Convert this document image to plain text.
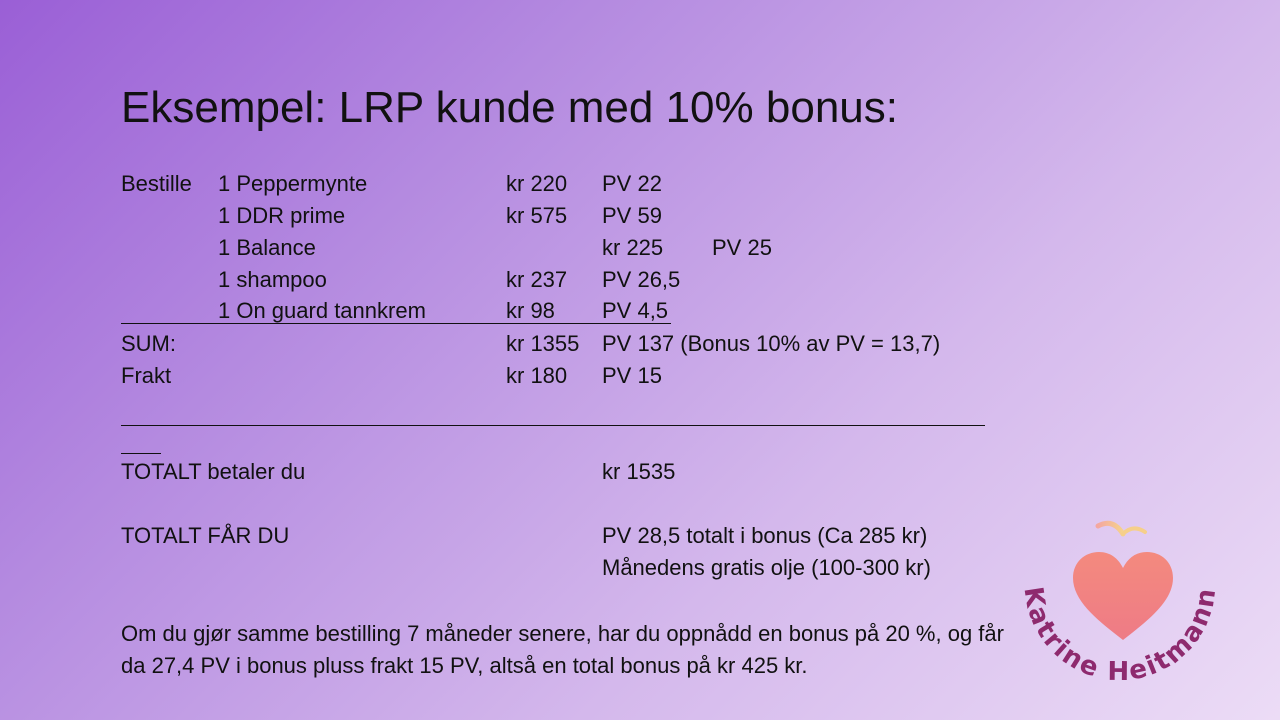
Eksempel: LRP kunde med 10% bonus:
Bestille 1 Peppermynte	kr 220 PV 22
1 DDR prime	kr 575 PV 59
1 Balance	kr 225 PV 25
1 shampoo	kr 237 PV 26,5
1 On guard tannkrem	kr 98 PV 4,5
SUM:	kr 1355 PV 137 (Bonus 10% av PV = 13,7)
Frakt	kr 180 PV 15
TOTALT betaler du	kr 1535
TOTALT FÅR DU	PV 28,5 totalt i bonus (Ca 285 kr)
Månedens gratis olje (100-300 kr)
Om du gjør samme bestilling 7 måneder senere, har du oppnådd en bonus på 20 %, og får da 27,4 PV i bonus pluss frakt 15 PV, altså en total bonus på kr 425 kr.
Katrine Heitmann
